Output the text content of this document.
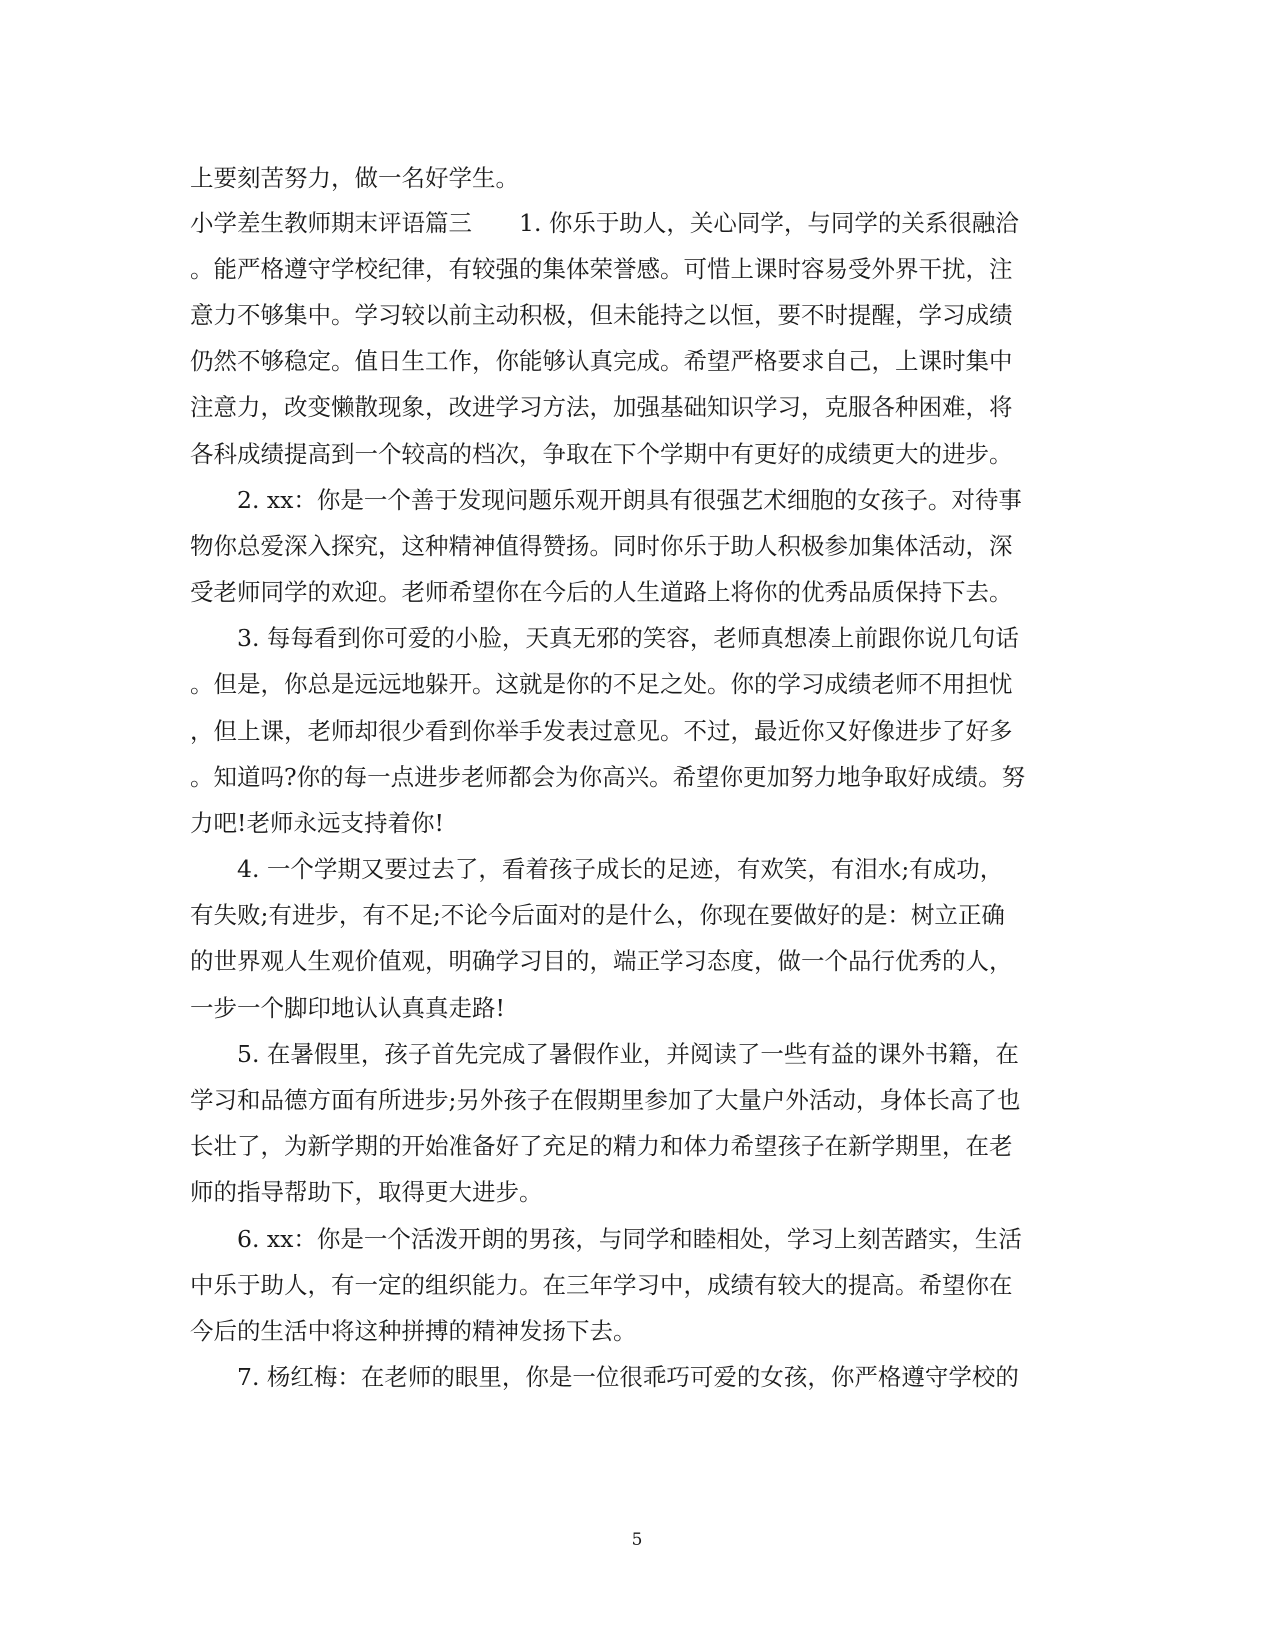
上要刻苦努力，做一名好学生。
小学差生教师期末评语篇三　　1. 你乐于助人，关心同学，与同学的关系很融洽
。能严格遵守学校纪律，有较强的集体荣誉感。可惜上课时容易受外界干扰，注
意力不够集中。学习较以前主动积极，但未能持之以恒，要不时提醒，学习成绩
仍然不够稳定。值日生工作，你能够认真完成。希望严格要求自己，上课时集中
注意力，改变懒散现象，改进学习方法，加强基础知识学习，克服各种困难，将
各科成绩提高到一个较高的档次，争取在下个学期中有更好的成绩更大的进步。
　　2. xx：你是一个善于发现问题乐观开朗具有很强艺术细胞的女孩子。对待事
物你总爱深入探究，这种精神值得赞扬。同时你乐于助人积极参加集体活动，深
受老师同学的欢迎。老师希望你在今后的人生道路上将你的优秀品质保持下去。
　　3. 每每看到你可爱的小脸，天真无邪的笑容，老师真想凑上前跟你说几句话
。但是，你总是远远地躲开。这就是你的不足之处。你的学习成绩老师不用担忧
，但上课，老师却很少看到你举手发表过意见。不过，最近你又好像进步了好多
。知道吗?你的每一点进步老师都会为你高兴。希望你更加努力地争取好成绩。努
力吧!老师永远支持着你!
　　4. 一个学期又要过去了，看着孩子成长的足迹，有欢笑，有泪水;有成功，
有失败;有进步，有不足;不论今后面对的是什么，你现在要做好的是：树立正确
的世界观人生观价值观，明确学习目的，端正学习态度，做一个品行优秀的人，
一步一个脚印地认认真真走路!
　　5. 在暑假里，孩子首先完成了暑假作业，并阅读了一些有益的课外书籍，在
学习和品德方面有所进步;另外孩子在假期里参加了大量户外活动，身体长高了也
长壮了，为新学期的开始准备好了充足的精力和体力希望孩子在新学期里，在老
师的指导帮助下，取得更大进步。
　　6. xx：你是一个活泼开朗的男孩，与同学和睦相处，学习上刻苦踏实，生活
中乐于助人，有一定的组织能力。在三年学习中，成绩有较大的提高。希望你在
今后的生活中将这种拼搏的精神发扬下去。
　　7. 杨红梅：在老师的眼里，你是一位很乖巧可爱的女孩，你严格遵守学校的
5
